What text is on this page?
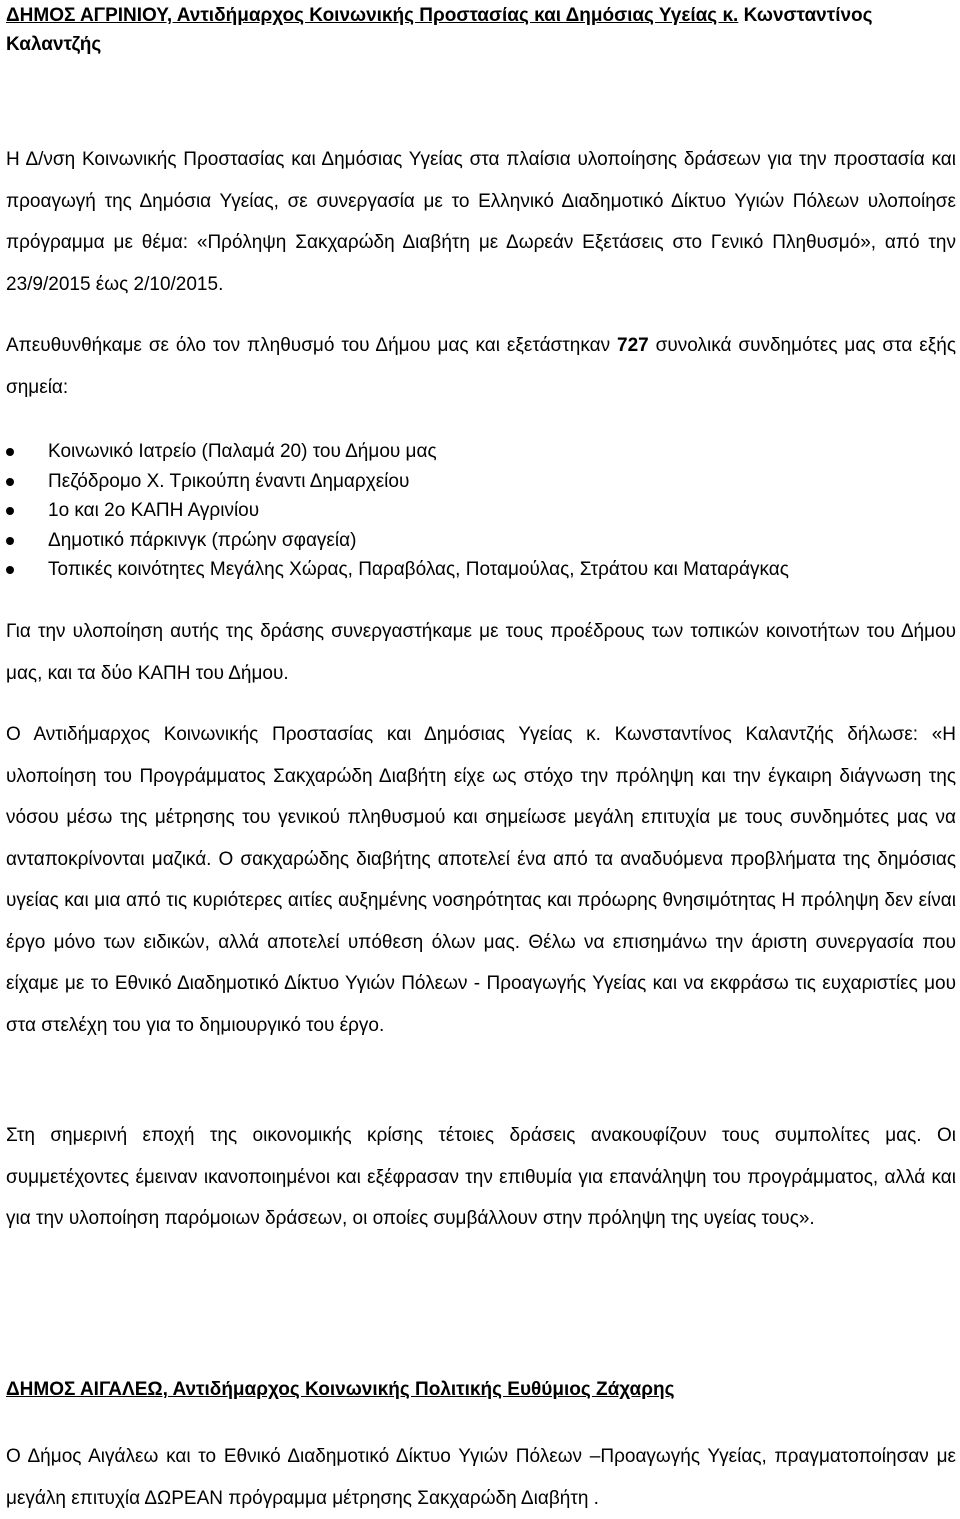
ΔΗΜΟΣ ΑΓΡΙΝΙΟΥ, Αντιδήμαρχος Κοινωνικής Προστασίας και Δημόσιας Υγείας κ. Κωνσταντίνος Καλαντζής

Η Δ/νση Κοινωνικής Προστασίας και Δημόσιας Υγείας στα πλαίσια υλοποίησης δράσεων για την προστασία και προαγωγή της Δημόσια Υγείας, σε συνεργασία με το Ελληνικό Διαδημοτικό Δίκτυο Υγιών Πόλεων υλοποίησε πρόγραμμα με θέμα: «Πρόληψη Σακχαρώδη Διαβήτη με Δωρεάν Εξετάσεις στο Γενικό Πληθυσμό», από την 23/9/2015 έως 2/10/2015.

Απευθυνθήκαμε σε όλο τον πληθυσμό του Δήμου μας και εξετάστηκαν 727 συνολικά συνδημότες μας στα εξής σημεία:

Κοινωνικό Ιατρείο (Παλαμά 20) του Δήμου μας
Πεζόδρομο Χ. Τρικούπη έναντι Δημαρχείου
1ο και 2ο ΚΑΠΗ Αγρινίου
Δημοτικό πάρκινγκ (πρώην σφαγεία)
Τοπικές κοινότητες Μεγάλης Χώρας, Παραβόλας, Ποταμούλας, Στράτου και Ματαράγκας

Για την υλοποίηση αυτής της δράσης συνεργαστήκαμε με τους προέδρους των τοπικών κοινοτήτων του Δήμου μας, και τα δύο ΚΑΠΗ του Δήμου.

Ο Αντιδήμαρχος Κοινωνικής Προστασίας και Δημόσιας Υγείας κ. Κωνσταντίνος Καλαντζής δήλωσε: «Η υλοποίηση του Προγράμματος Σακχαρώδη Διαβήτη είχε ως στόχο την πρόληψη και την έγκαιρη διάγνωση της νόσου μέσω της μέτρησης του γενικού πληθυσμού και σημείωσε μεγάλη επιτυχία με τους συνδημότες μας να ανταποκρίνονται μαζικά. Ο σακχαρώδης διαβήτης αποτελεί ένα από τα αναδυόμενα προβλήματα της δημόσιας υγείας και μια από τις κυριότερες αιτίες αυξημένης νοσηρότητας και πρόωρης θνησιμότητας Η πρόληψη δεν είναι έργο μόνο των ειδικών, αλλά αποτελεί υπόθεση όλων μας. Θέλω να επισημάνω την άριστη συνεργασία που είχαμε με το Εθνικό Διαδημοτικό Δίκτυο Υγιών Πόλεων - Προαγωγής Υγείας και να εκφράσω τις ευχαριστίες μου στα στελέχη του για το δημιουργικό του έργο.

Στη σημερινή εποχή της οικονομικής κρίσης τέτοιες δράσεις ανακουφίζουν τους συμπολίτες μας. Οι συμμετέχοντες έμειναν ικανοποιημένοι και εξέφρασαν την επιθυμία για επανάληψη του προγράμματος, αλλά και για την υλοποίηση παρόμοιων δράσεων, οι οποίες συμβάλλουν στην πρόληψη της υγείας τους».

ΔΗΜΟΣ ΑΙΓΑΛΕΩ, Αντιδήμαρχος Κοινωνικής Πολιτικής Ευθύμιος Ζάχαρης

Ο Δήμος Αιγάλεω και το Εθνικό Διαδημοτικό Δίκτυο Υγιών Πόλεων –Προαγωγής Υγείας, πραγματοποίησαν με μεγάλη επιτυχία ΔΩΡΕΑΝ πρόγραμμα μέτρησης Σακχαρώδη Διαβήτη .
